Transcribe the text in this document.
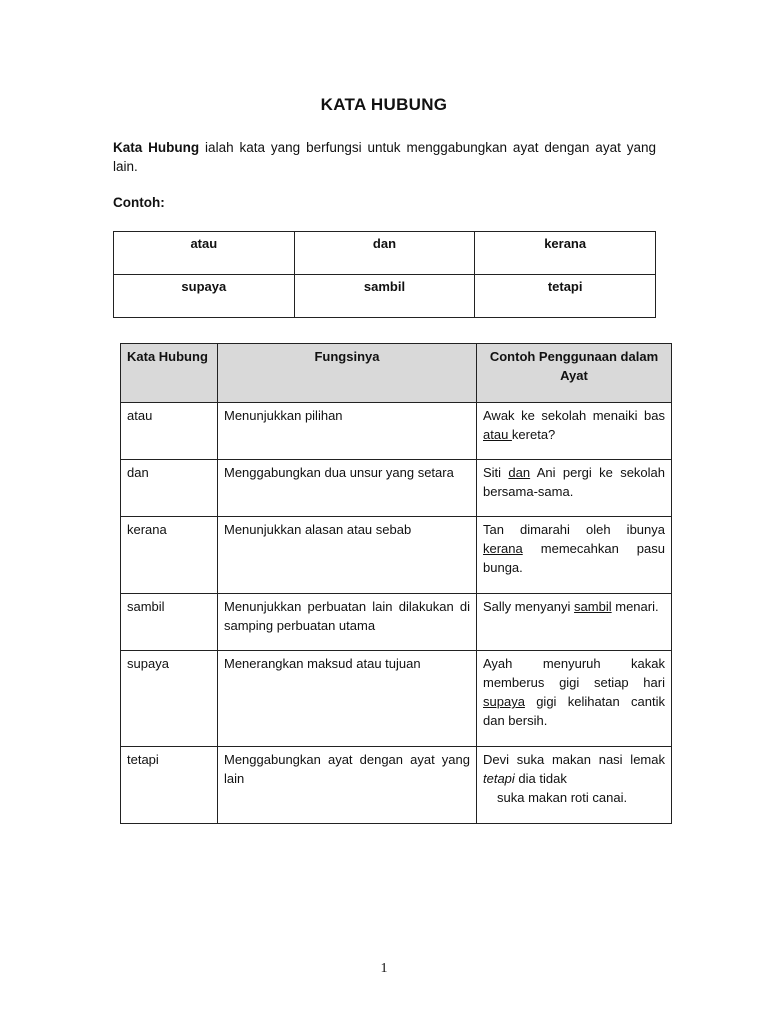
KATA HUBUNG
Kata Hubung ialah kata yang berfungsi untuk menggabungkan ayat dengan ayat yang lain.
Contoh:
atau	dan	kerana
supaya	sambil	tetapi
Kata Hubung	Fungsinya	Contoh Penggunaan dalam Ayat
atau	Menunjukkan pilihan	Awak ke sekolah menaiki bas atau kereta?
dan	Menggabungkan dua unsur yang setara	Siti dan Ani pergi ke sekolah bersama-sama.
kerana	Menunjukkan alasan atau sebab	Tan dimarahi oleh ibunya kerana memecahkan pasu bunga.
sambil	Menunjukkan perbuatan lain dilakukan di samping perbuatan utama	Sally menyanyi sambil menari.
supaya	Menerangkan maksud atau tujuan	Ayah menyuruh kakak memberus gigi setiap hari supaya gigi kelihatan cantik dan bersih.
tetapi	Menggabungkan ayat dengan ayat yang lain	Devi suka makan nasi lemak tetapi dia tidak
suka makan roti canai.
1
